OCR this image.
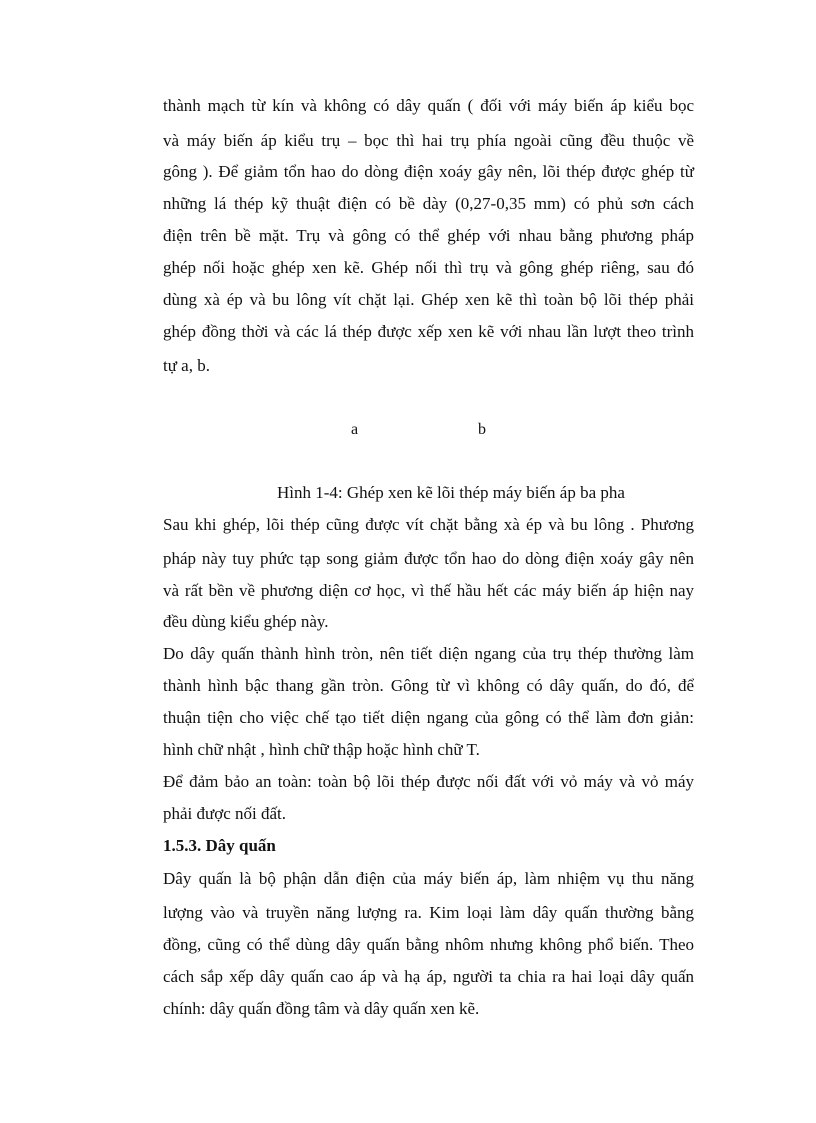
thành mạch từ kín và không có dây quấn ( đối với máy biến áp kiểu bọc
và máy biến áp kiểu trụ – bọc thì hai trụ phía ngoài cũng đều thuộc về
gông ). Để giảm tổn hao do dòng điện xoáy gây nên, lõi thép được ghép từ
những lá thép kỹ thuật điện có bề dày (0,27-0,35 mm) có phủ sơn cách
điện trên bề mặt. Trụ và gông có thể ghép với nhau bằng phương pháp
ghép nối hoặc ghép xen kẽ. Ghép nối thì trụ và gông ghép riêng, sau đó
dùng xà ép và bu lông vít chặt lại. Ghép xen kẽ thì toàn bộ lõi thép phải
ghép đồng thời và các lá thép được xếp xen kẽ với nhau lần lượt theo trình
tự a, b.
a	b
Hình 1-4: Ghép xen kẽ lõi thép máy biến áp ba pha
Sau khi ghép, lõi thép cũng được vít chặt bằng xà ép và bu lông . Phương
pháp này tuy phức tạp song giảm được tổn hao do dòng điện xoáy gây nên
và rất bền về phương diện cơ học, vì thế hầu hết các máy biến áp hiện nay
đều dùng kiểu ghép này.
Do dây quấn thành hình tròn, nên tiết diện ngang của trụ thép thường làm
thành hình bậc thang gần tròn. Gông từ vì không có dây quấn, do đó, để
thuận tiện cho việc chế tạo tiết diện ngang của gông có thể làm đơn giản:
hình chữ nhật , hình chữ thập hoặc hình chữ T.
Để đảm bảo an toàn: toàn bộ lõi thép được nối đất với vỏ máy và vỏ máy
phải được nối đất.
1.5.3. Dây quấn
Dây quấn là bộ phận dẫn điện của máy biến áp, làm nhiệm vụ thu năng
lượng vào và truyền năng lượng ra. Kim loại làm dây quấn thường bằng
đồng, cũng có thể dùng dây quấn bằng nhôm nhưng không phổ biến. Theo
cách sắp xếp dây quấn cao áp và hạ áp, người ta chia ra hai loại dây quấn
chính: dây quấn đồng tâm và dây quấn xen kẽ.
